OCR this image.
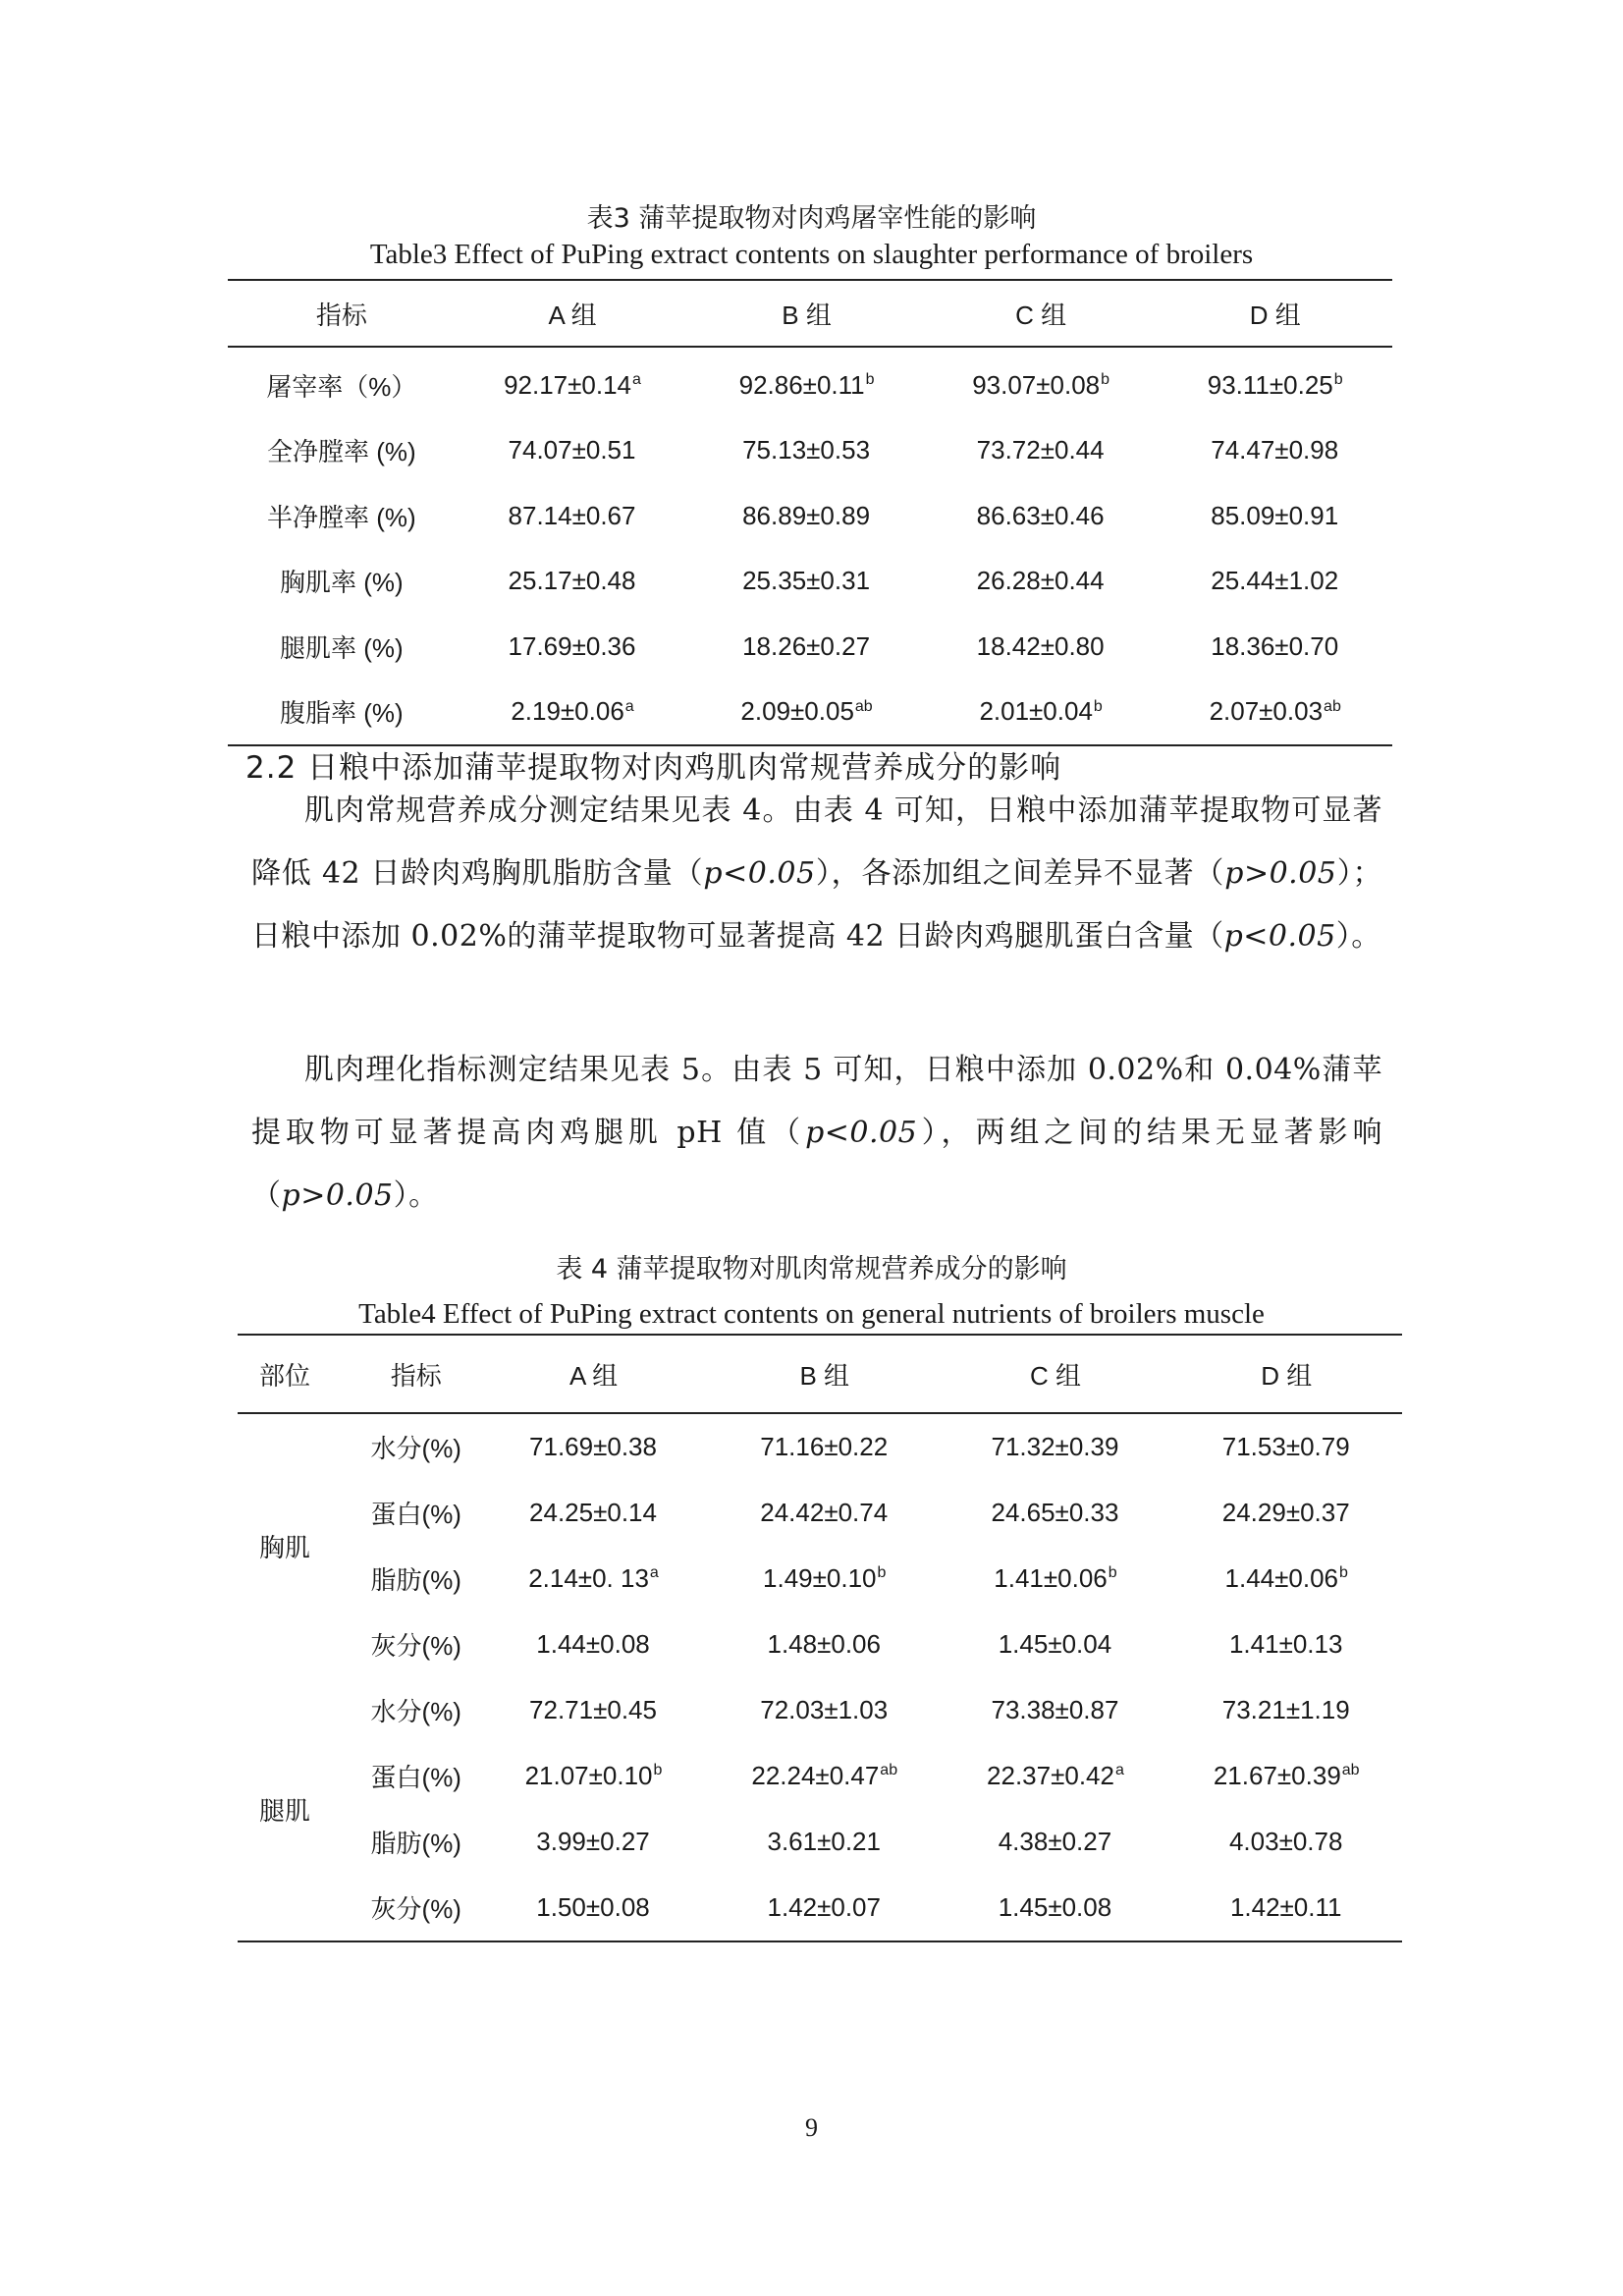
表3 蒲苹提取物对肉鸡屠宰性能的影响
Table3 Effect of PuPing extract contents on slaughter performance of broilers
指标	A 组	B 组	C 组	D 组
屠宰率（%）	92.17±0.14$^a$	92.86±0.11$^b$	93.07±0.08$^b$	93.11±0.25$^b$
全净膛率 (%)	74.07±0.51	75.13±0.53	73.72±0.44	74.47±0.98
半净膛率 (%)	87.14±0.67	86.89±0.89	86.63±0.46	85.09±0.91
胸肌率 (%)	25.17±0.48	25.35±0.31	26.28±0.44	25.44±1.02
腿肌率 (%)	17.69±0.36	18.26±0.27	18.42±0.80	18.36±0.70
腹脂率 (%)	2.19±0.06$^a$	2.09±0.05$^{ab}$	2.01±0.04$^b$	2.07±0.03$^{ab}$
2.2 日粮中添加蒲苹提取物对肉鸡肌肉常规营养成分的影响

肌肉常规营养成分测定结果见表 4。由表 4 可知，日粮中添加蒲苹提取物可显著降低 42 日龄肉鸡胸肌脂肪含量（p<0.05），各添加组之间差异不显著（p>0.05）；日粮中添加 0.02%的蒲苹提取物可显著提高 42 日龄肉鸡腿肌蛋白含量（p<0.05）。

肌肉理化指标测定结果见表 5。由表 5 可知，日粮中添加 0.02%和 0.04%蒲苹提取物可显著提高肉鸡腿肌 pH 值（p<0.05），两组之间的结果无显著影响（p>0.05）。

表 4 蒲苹提取物对肌肉常规营养成分的影响
Table4 Effect of PuPing extract contents on general nutrients of broilers muscle
部位	指标	A 组	B 组	C 组	D 组
胸肌	水分(%)	71.69±0.38	71.16±0.22	71.32±0.39	71.53±0.79
	蛋白(%)	24.25±0.14	24.42±0.74	24.65±0.33	24.29±0.37
	脂肪(%)	2.14±0. 13$^a$	1.49±0.10$^b$	1.41±0.06$^b$	1.44±0.06$^b$
	灰分(%)	1.44±0.08	1.48±0.06	1.45±0.04	1.41±0.13
腿肌	水分(%)	72.71±0.45	72.03±1.03	73.38±0.87	73.21±1.19
	蛋白(%)	21.07±0.10$^b$	22.24±0.47$^{ab}$	22.37±0.42$^a$	21.67±0.39$^{ab}$
	脂肪(%)	3.99±0.27	3.61±0.21	4.38±0.27	4.03±0.78
	灰分(%)	1.50±0.08	1.42±0.07	1.45±0.08	1.42±0.11
9
